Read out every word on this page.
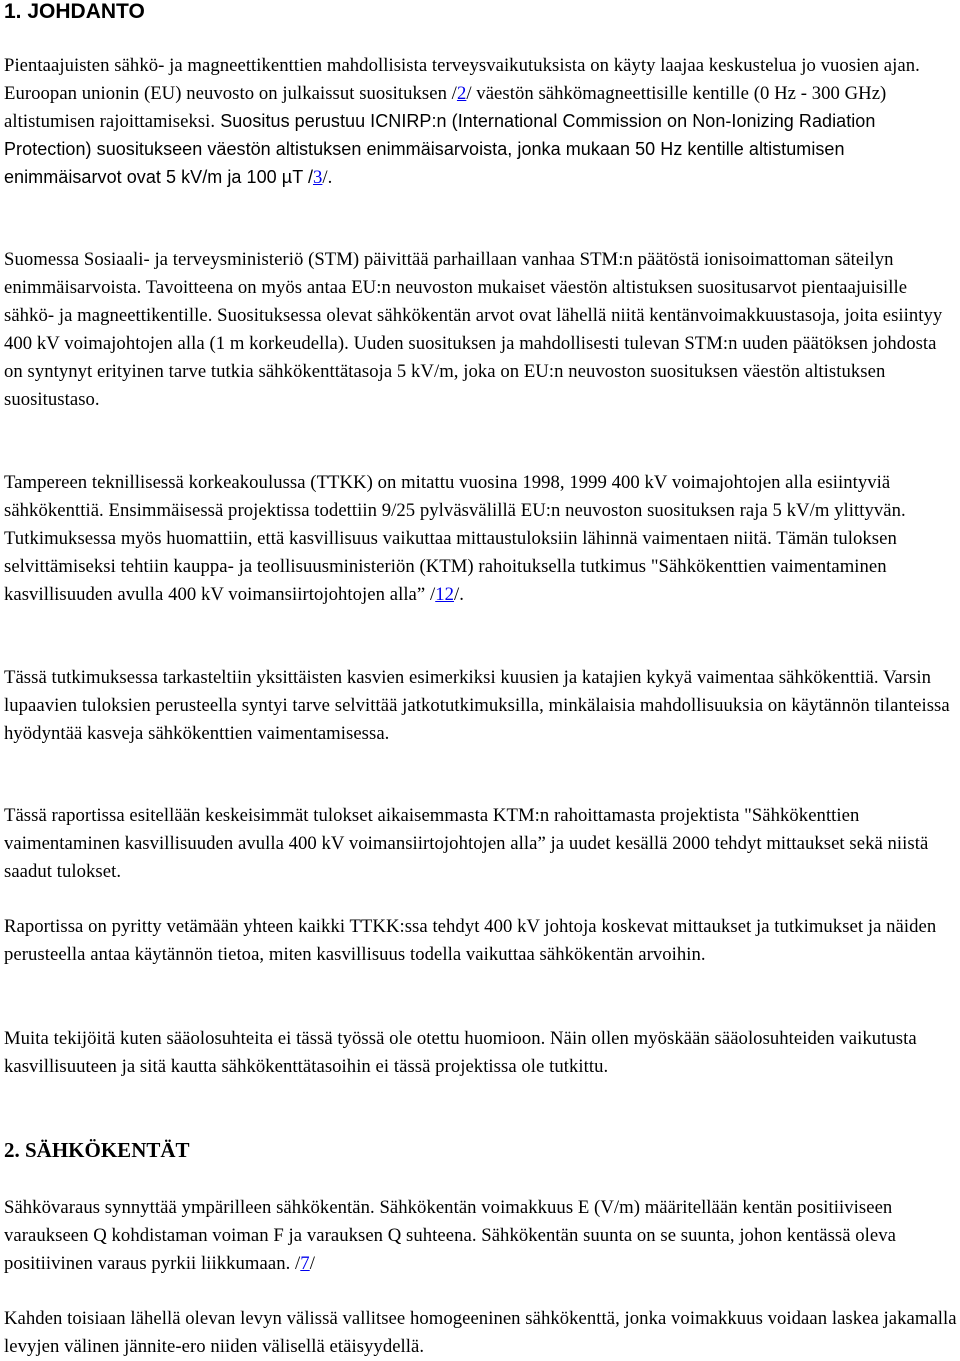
1. JOHDANTO

Pientaajuisten sähkö- ja magneettikenttien mahdollisista terveysvaikutuksista on käyty laajaa keskustelua jo vuosien ajan. Euroopan unionin (EU) neuvosto on julkaissut suosituksen /2/ väestön sähkömagneettisille kentille (0 Hz - 300 GHz) altistumisen rajoittamiseksi. Suositus perustuu ICNIRP:n (International Commission on Non-Ionizing Radiation Protection) suositukseen väestön altistuksen enimmäisarvoista, jonka mukaan 50 Hz kentille altistumisen enimmäisarvot ovat 5 kV/m ja 100 µT /3/.

Suomessa Sosiaali- ja terveysministeriö (STM) päivittää parhaillaan vanhaa STM:n päätöstä ionisoimattoman säteilyn enimmäisarvoista. Tavoitteena on myös antaa EU:n neuvoston mukaiset väestön altistuksen suositusarvot pientaajuisille sähkö- ja magneettikentille. Suosituksessa olevat sähkökentän arvot ovat lähellä niitä kentänvoimakkuustasoja, joita esiintyy 400 kV voimajohtojen alla (1 m korkeudella). Uuden suosituksen ja mahdollisesti tulevan STM:n uuden päätöksen johdosta on syntynyt erityinen tarve tutkia sähkökenttätasoja 5 kV/m, joka on EU:n neuvoston suosituksen väestön altistuksen suositustaso.

Tampereen teknillisessä korkeakoulussa (TTKK) on mitattu vuosina 1998, 1999 400 kV voimajohtojen alla esiintyviä sähkökenttiä. Ensimmäisessä projektissa todettiin 9/25 pylväsvälillä EU:n neuvoston suosituksen raja 5 kV/m ylittyvän. Tutkimuksessa myös huomattiin, että kasvillisuus vaikuttaa mittaustuloksiin lähinnä vaimentaen niitä. Tämän tuloksen selvittämiseksi tehtiin kauppa- ja teollisuusministeriön (KTM) rahoituksella tutkimus "Sähkökenttien vaimentaminen kasvillisuuden avulla 400 kV voimansiirtojohtojen alla” /12/.

Tässä tutkimuksessa tarkasteltiin yksittäisten kasvien esimerkiksi kuusien ja katajien kykyä vaimentaa sähkökenttiä. Varsin lupaavien tuloksien perusteella syntyi tarve selvittää jatkotutkimuksilla, minkälaisia mahdollisuuksia on käytännön tilanteissa hyödyntää kasveja sähkökenttien vaimentamisessa.

Tässä raportissa esitellään keskeisimmät tulokset aikaisemmasta KTM:n rahoittamasta projektista "Sähkökenttien vaimentaminen kasvillisuuden avulla 400 kV voimansiirtojohtojen alla” ja uudet kesällä 2000 tehdyt mittaukset sekä niistä saadut tulokset.

Raportissa on pyritty vetämään yhteen kaikki TTKK:ssa tehdyt 400 kV johtoja koskevat mittaukset ja tutkimukset ja näiden perusteella antaa käytännön tietoa, miten kasvillisuus todella vaikuttaa sähkökentän arvoihin.

Muita tekijöitä kuten sääolosuhteita ei tässä työssä ole otettu huomioon. Näin ollen myöskään sääolosuhteiden vaikutusta kasvillisuuteen ja sitä kautta sähkökenttätasoihin ei tässä projektissa ole tutkittu.

2. SÄHKÖKENTÄT

Sähkövaraus synnyttää ympärilleen sähkökentän. Sähkökentän voimakkuus E (V/m) määritellään kentän positiiviseen varaukseen Q kohdistaman voiman F ja varauksen Q suhteena. Sähkökentän suunta on se suunta, johon kentässä oleva positiivinen varaus pyrkii liikkumaan. /7/

Kahden toisiaan lähellä olevan levyn välissä vallitsee homogeeninen sähkökenttä, jonka voimakkuus voidaan laskea jakamalla levyjen välinen jännite-ero niiden välisellä etäisyydellä.
